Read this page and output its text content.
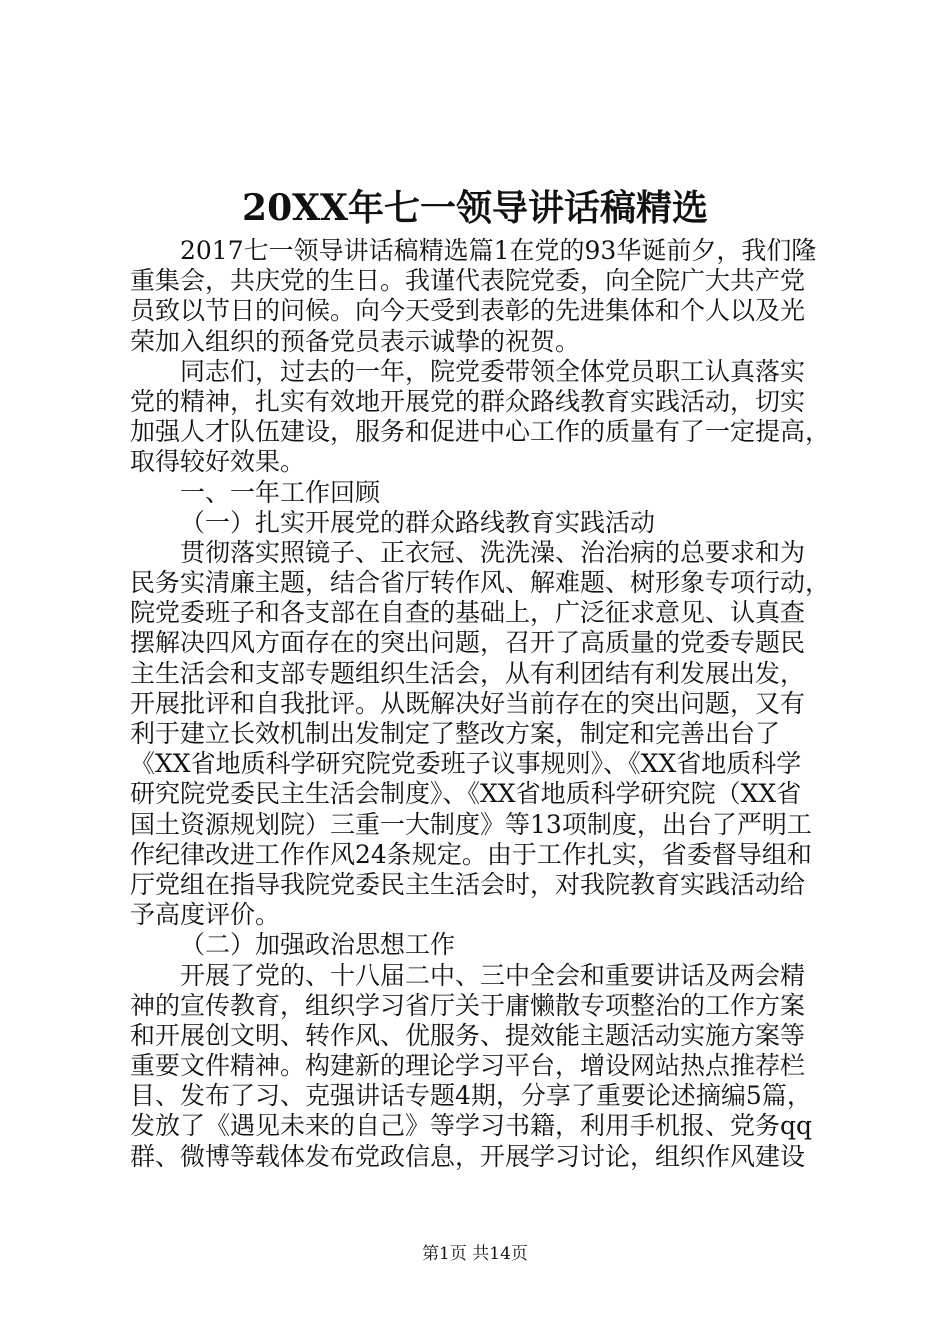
20XX年七一领导讲话稿精选
2017七一领导讲话稿精选篇1在党的93华诞前夕，我们隆
重集会，共庆党的生日。我谨代表院党委，向全院广大共产党
员致以节日的问候。向今天受到表彰的先进集体和个人以及光
荣加入组织的预备党员表示诚挚的祝贺。
同志们，过去的一年，院党委带领全体党员职工认真落实
党的精神，扎实有效地开展党的群众路线教育实践活动，切实
加强人才队伍建设，服务和促进中心工作的质量有了一定提高，
取得较好效果。
一、一年工作回顾
（一）扎实开展党的群众路线教育实践活动
贯彻落实照镜子、正衣冠、洗洗澡、治治病的总要求和为
民务实清廉主题，结合省厅转作风、解难题、树形象专项行动，
院党委班子和各支部在自查的基础上，广泛征求意见、认真查
摆解决四风方面存在的突出问题，召开了高质量的党委专题民
主生活会和支部专题组织生活会，从有利团结有利发展出发，
开展批评和自我批评。从既解决好当前存在的突出问题，又有
利于建立长效机制出发制定了整改方案，制定和完善出台了
《XX省地质科学研究院党委班子议事规则》、《XX省地质科学
研究院党委民主生活会制度》、《XX省地质科学研究院（XX省
国土资源规划院）三重一大制度》等13项制度，出台了严明工
作纪律改进工作作风24条规定。由于工作扎实，省委督导组和
厅党组在指导我院党委民主生活会时，对我院教育实践活动给
予高度评价。
（二）加强政治思想工作
开展了党的、十八届二中、三中全会和重要讲话及两会精
神的宣传教育，组织学习省厅关于庸懒散专项整治的工作方案
和开展创文明、转作风、优服务、提效能主题活动实施方案等
重要文件精神。构建新的理论学习平台，增设网站热点推荐栏
目、发布了习、克强讲话专题4期，分享了重要论述摘编5篇，
发放了《遇见未来的自己》等学习书籍，利用手机报、党务qq
群、微博等载体发布党政信息，开展学习讨论，组织作风建设
第1页 共14页
